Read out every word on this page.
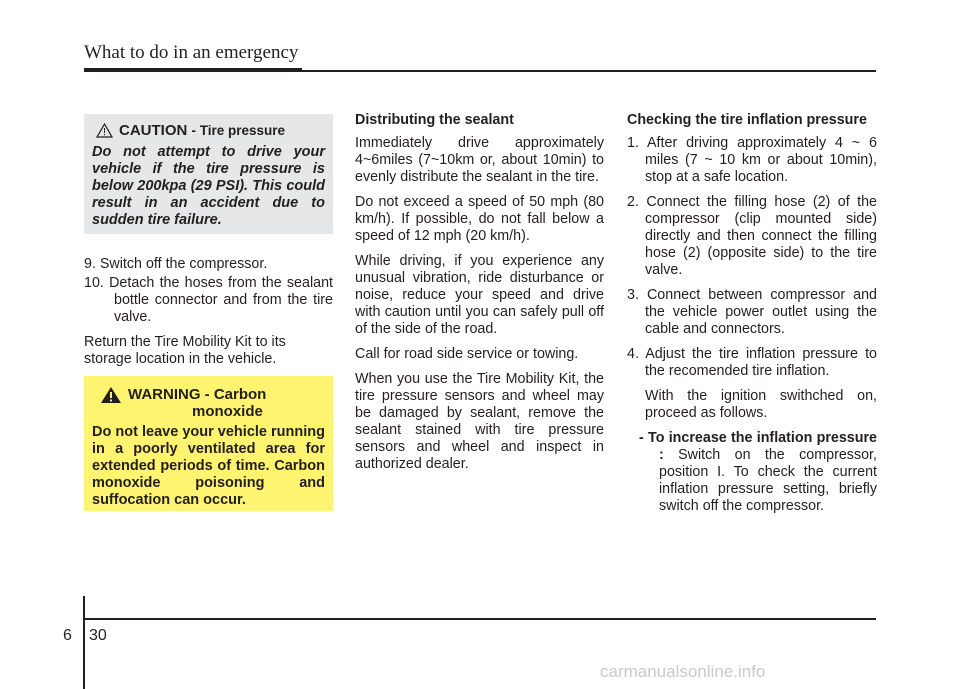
What to do in an emergency
CAUTION - Tire pressure
Do not attempt to drive your vehicle if the tire pressure is below 200kpa (29 PSI). This could result in an accident due to sudden tire failure.

9. Switch off the compressor.

10. Detach the hoses from the sealant bottle connector and from the tire valve.

Return the Tire Mobility Kit to its storage location in the vehicle.

WARNING - Carbon
monoxide
Do not leave your vehicle running in a poorly ventilated area for extended periods of time. Carbon monoxide poisoning and suffocation can occur.

Distributing the sealant

Immediately drive approximately 4~6miles (7~10km or, about 10min) to evenly distribute the sealant in the tire.

Do not exceed a speed of 50 mph (80 km/h). If possible, do not fall below a speed of 12 mph (20 km/h).

While driving, if you experience any unusual vibration, ride disturbance or noise, reduce your speed and drive with caution until you can safely pull off of the side of the road.

Call for road side service or towing.

When you use the Tire Mobility Kit, the tire pressure sensors and wheel may be damaged by sealant, remove the sealant stained with tire pressure sensors and wheel and inspect in authorized dealer.

Checking the tire inflation pressure

1. After driving approximately 4 ~ 6 miles (7 ~ 10 km or about 10min), stop at a safe location.

2. Connect the filling hose (2) of the compressor (clip mounted side) directly and then connect the filling hose (2) (opposite side) to the tire valve.

3. Connect between compressor and the vehicle power outlet using the cable and connectors.

4. Adjust the tire inflation pressure to the recomended tire inflation.

With the ignition swithched on, proceed as follows.

- To increase the inflation pressure : Switch on the compressor, position I. To check the current inflation pressure setting, briefly switch off the compressor.

6 30
carmanualsonline.info
